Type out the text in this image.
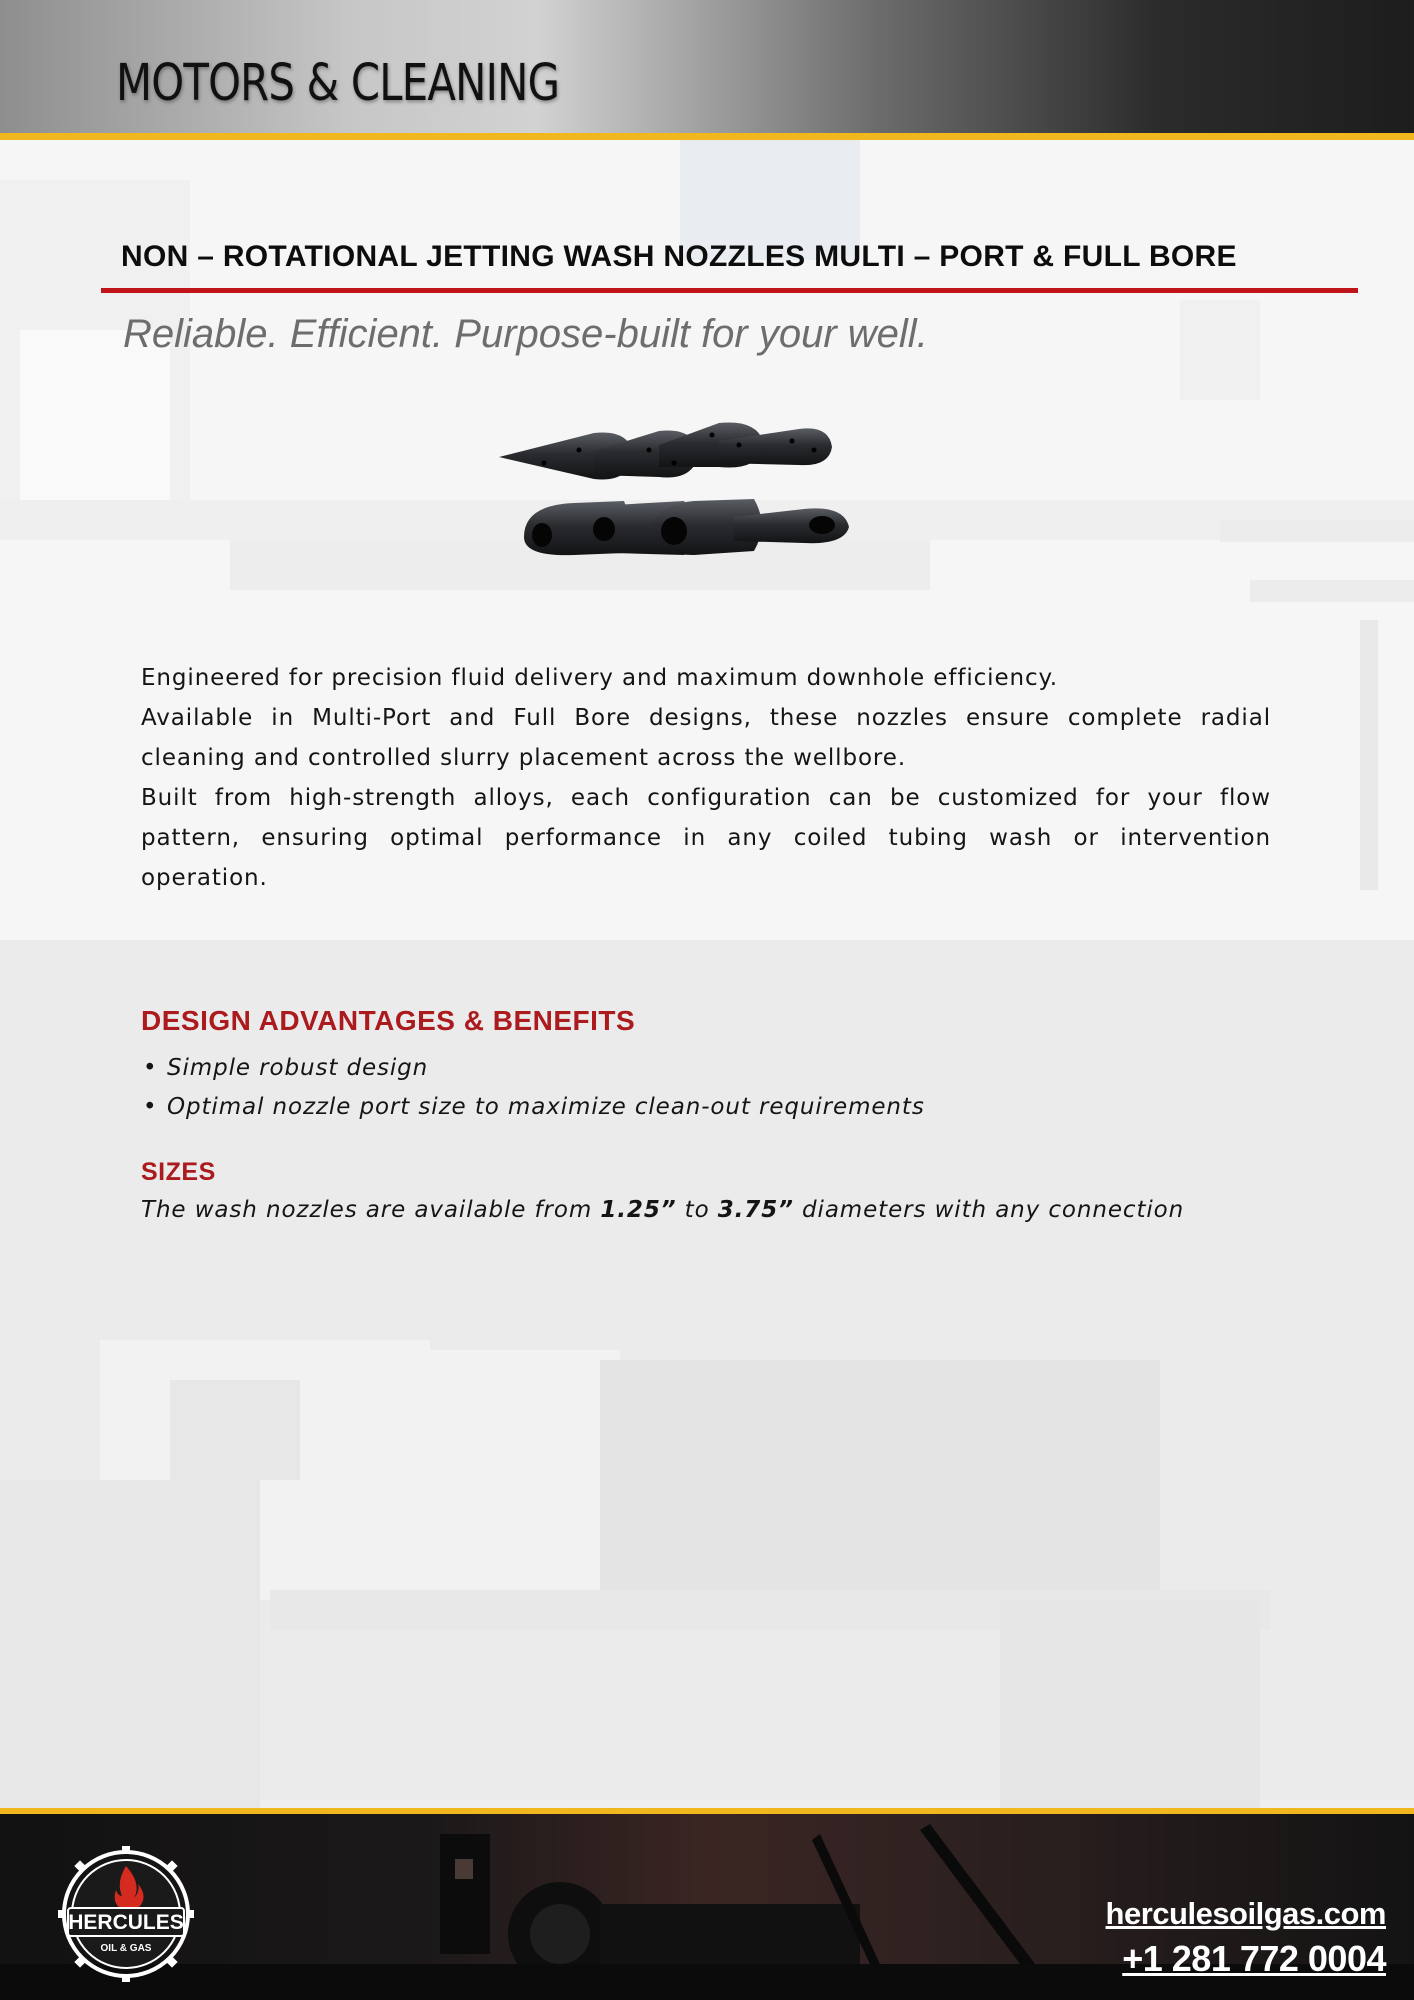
MOTORS & CLEANING
NON – ROTATIONAL JETTING WASH NOZZLES MULTI – PORT & FULL BORE
Reliable. Efficient. Purpose-built for your well.

Engineered for precision fluid delivery and maximum downhole efficiency.

Available in Multi-Port and Full Bore designs, these nozzles ensure complete radial cleaning and controlled slurry placement across the wellbore.

Built from high-strength alloys, each configuration can be customized for your flow pattern, ensuring optimal performance in any coiled tubing wash or intervention operation.

DESIGN ADVANTAGES & BENEFITS
• Simple robust design
• Optimal nozzle port size to maximize clean-out requirements
SIZES
The wash nozzles are available from 1.25” to 3.75” diameters with any connection
HERCULES
OIL & GAS
herculesoilgas.com
+1 281 772 0004
